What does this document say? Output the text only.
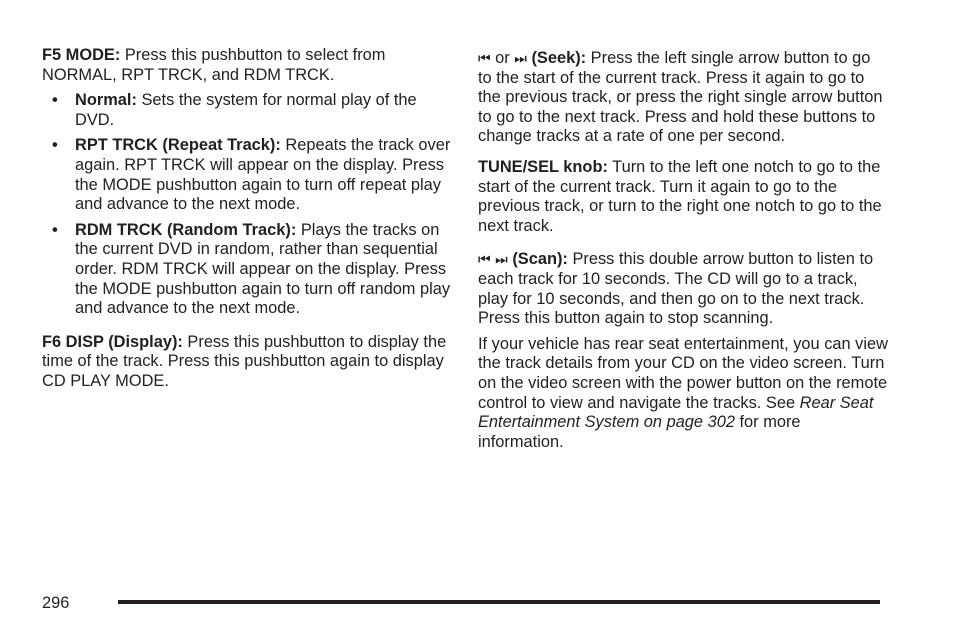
F5 MODE: Press this pushbutton to select from NORMAL, RPT TRCK, and RDM TRCK.

• Normal: Sets the system for normal play of the DVD.
• RPT TRCK (Repeat Track): Repeats the track over again. RPT TRCK will appear on the display. Press the MODE pushbutton again to turn off repeat play and advance to the next mode.
• RDM TRCK (Random Track): Plays the tracks on the current DVD in random, rather than sequential order. RDM TRCK will appear on the display. Press the MODE pushbutton again to turn off random play and advance to the next mode.

F6 DISP (Display): Press this pushbutton to display the time of the track. Press this pushbutton again to display CD PLAY MODE.

⏮ or ⏭ (Seek): Press the left single arrow button to go to the start of the current track. Press it again to go to the previous track, or press the right single arrow button to go to the next track. Press and hold these buttons to change tracks at a rate of one per second.

TUNE/SEL knob: Turn to the left one notch to go to the start of the current track. Turn it again to go to the previous track, or turn to the right one notch to go to the next track.

⏮ ⏭ (Scan): Press this double arrow button to listen to each track for 10 seconds. The CD will go to a track, play for 10 seconds, and then go on to the next track. Press this button again to stop scanning.

If your vehicle has rear seat entertainment, you can view the track details from your CD on the video screen. Turn on the video screen with the power button on the remote control to view and navigate the tracks. See Rear Seat Entertainment System on page 302 for more information.

296
